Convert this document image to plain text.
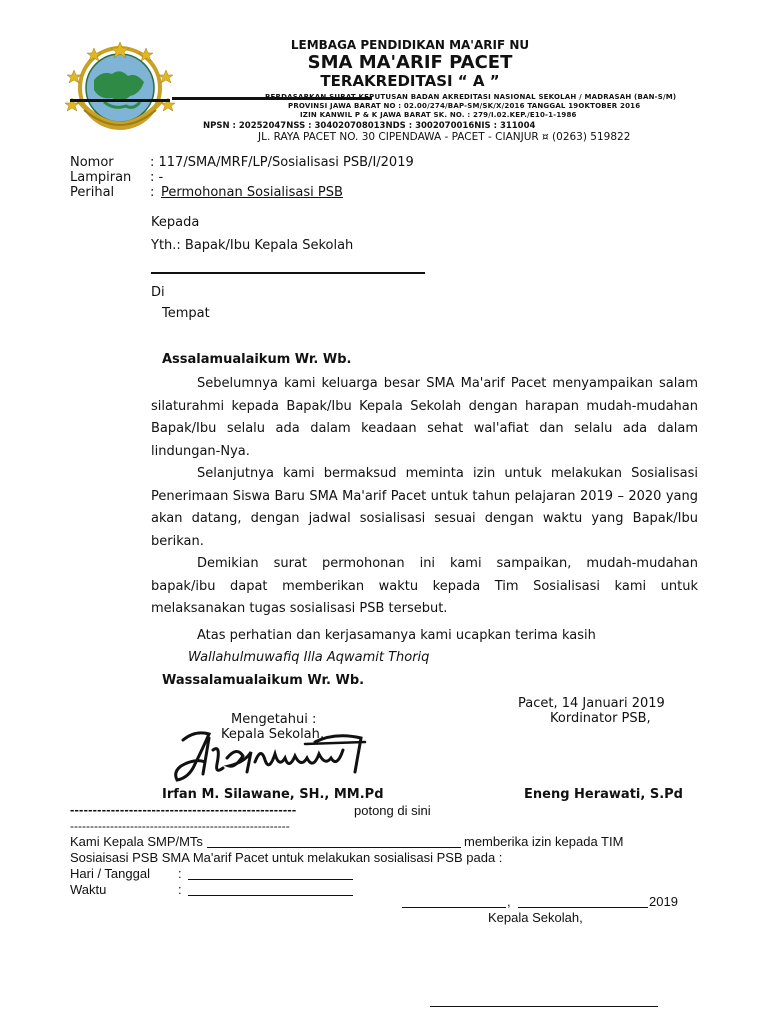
LEMBAGA PENDIDIKAN MA'ARIF NU
SMA MA'ARIF PACET
TERAKREDITASI “ A ”
BERDASARKAN SURAT KEPUTUSAN BADAN AKREDITASI NASIONAL SEKOLAH / MADRASAH (BAN-S/M)
PROVINSI JAWA BARAT NO : 02.00/274/BAP-SM/SK/X/2016 TANGGAL 19OKTOBER 2016
IZIN KANWIL P & K JAWA BARAT SK. NO. : 279/I.02.KEP./E10-1-1986
NPSN : 20252047NSS : 304020708013NDS : 3002070016NIS : 311004
JL. RAYA PACET NO. 30 CIPENDAWA - PACET - CIANJUR ¤ (0263) 519822
Nomor	: 117/SMA/MRF/LP/Sosialisasi PSB/I/2019
Lampiran : -
Perihal	: Permohonan Sosialisasi PSB
Kepada
Yth.: Bapak/Ibu Kepala Sekolah
Di
Tempat
Assalamualaikum Wr. Wb.
Sebelumnya kami keluarga besar SMA Ma'arif Pacet menyampaikan salam silaturahmi kepada Bapak/Ibu Kepala Sekolah dengan harapan mudah-mudahan Bapak/Ibu selalu ada dalam keadaan sehat wal'afiat dan selalu ada dalam lindungan-Nya.
Selanjutnya kami bermaksud meminta izin untuk melakukan Sosialisasi Penerimaan Siswa Baru SMA Ma'arif Pacet untuk tahun pelajaran 2019 – 2020 yang akan datang, dengan jadwal sosialisasi sesuai dengan waktu yang Bapak/Ibu berikan.
Demikian surat permohonan ini kami sampaikan, mudah-mudahan bapak/ibu dapat memberikan waktu kepada Tim Sosialisasi kami untuk melaksanakan tugas sosialisasi PSB tersebut.
Atas perhatian dan kerjasamanya kami ucapkan terima kasih
Wallahulmuwafiq Illa Aqwamit Thoriq
Wassalamualaikum Wr. Wb.
Pacet, 14 Januari 2019
Kordinator PSB,
Mengetahui :
Kepala Sekolah,
Irfan M. Silawane, SH., MM.Pd	Eneng Herawati, S.Pd
--------------------------------------------------	potong di sini
-------------------------------------------------------
Kami Kepala SMP/MTs	memberika izin kepada TIM
Sosiaisasi PSB SMA Ma'arif Pacet untuk melakukan sosialisasi PSB pada :
Hari / Tanggal :
Waktu	:
,	2019
Kepala Sekolah,
